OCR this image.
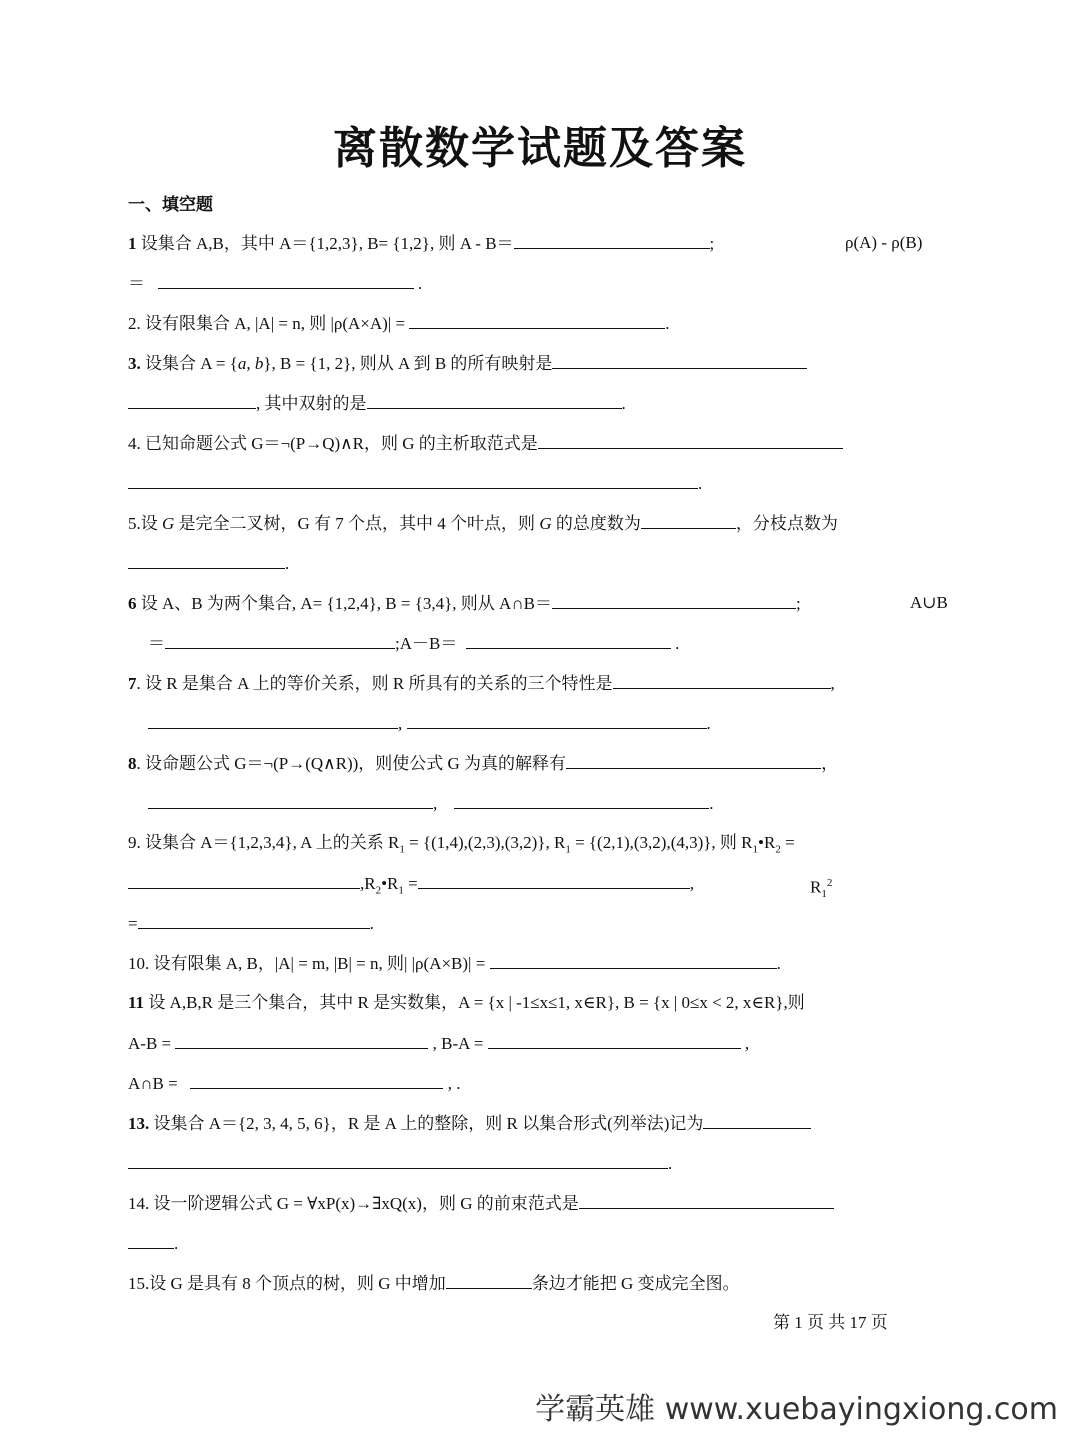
离散数学试题及答案
一、填空题
1 设集合 A,B，其中 A＝{1,2,3}, B= {1,2}, 则 A - B＝	;	ρ(A) - ρ(B)
＝	.
2. 设有限集合 A, |A| = n, 则 |ρ(A×A)| =	.
3. 设集合 A = {a, b}, B = {1, 2}, 则从 A 到 B 的所有映射是
, 其中双射的是	.
4. 已知命题公式 G＝¬(P→Q)∧R，则 G 的主析取范式是
.
5.设 G 是完全二叉树，G 有 7 个点，其中 4 个叶点，则 G 的总度数为	，分枝点数为
.
6 设 A、B 为两个集合, A= {1,2,4}, B = {3,4}, 则从 A∩B＝	;	A∪B
＝	;A－B＝	.
7. 设 R 是集合 A 上的等价关系，则 R 所具有的关系的三个特性是	,
,	.
8. 设命题公式 G＝¬(P→(Q∧R))，则使公式 G 为真的解释有	，
,	.
9. 设集合 A＝{1,2,3,4}, A 上的关系 $R_1 = \{(1,4),(2,3),(3,2)\}$, $R_1 = \{(2,1),(3,2),(4,3)\}$, 则 $R_1•R_2$ =
$,R_2•R_1$ =	,	$R_1^2$
=	.
10. 设有限集 A, B，|A| = m, |B| = n, 则| |ρ(A×B)| =	.
11 设 A,B,R 是三个集合，其中 R 是实数集，A = {x | -1≤x≤1, x∈R}, B = {x | 0≤x < 2, x∈R},则
A-B =	, B-A =	,
A∩B =	, .
13. 设集合 A＝{2, 3, 4, 5, 6}，R 是 A 上的整除，则 R 以集合形式(列举法)记为
.
14. 设一阶逻辑公式 G = ∀xP(x)→∃xQ(x)，则 G 的前束范式是
.
15.设 G 是具有 8 个顶点的树，则 G 中增加	条边才能把 G 变成完全图。
第 1 页 共 17 页
学霸英雄 www.xuebayingxiong.com
